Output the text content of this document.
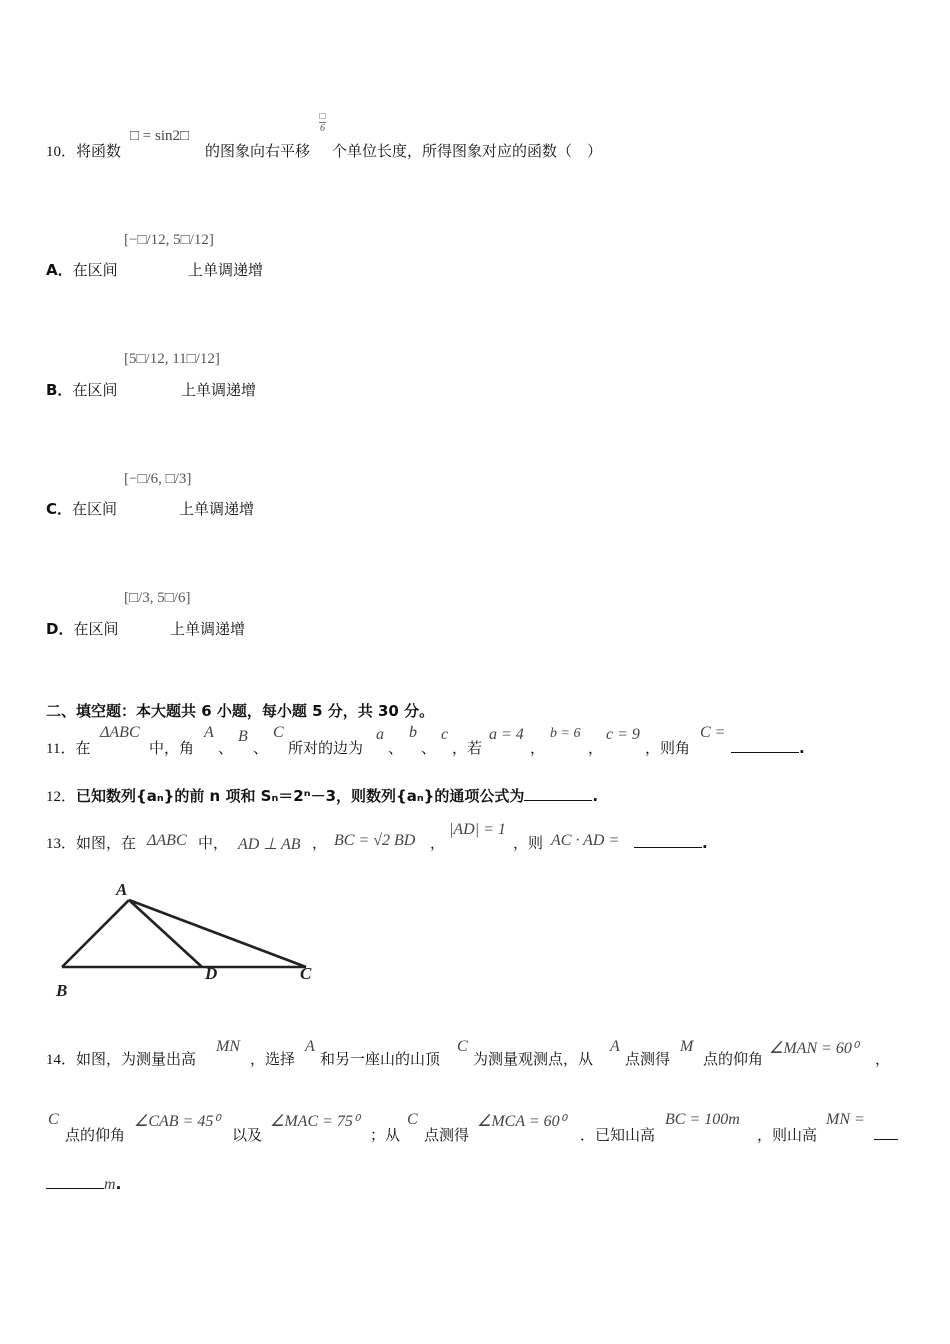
10．将函数
□ = sin2□
的图象向右平移
□
6
个单位长度，所得图象对应的函数（　）
[−□/12, 5□/12]
A．在区间	上单调递增
[5□/12, 11□/12]
B．在区间	上单调递增
[−□/6, □/3]
C．在区间	上单调递增
[□/3, 5□/6]
D．在区间	上单调递增
二、填空题：本大题共 6 小题，每小题 5 分，共 30 分。
11．在
ΔABC
中，角
A
、
B
、
C
所对的边为
a
、
b
、
c
，若
a = 4
，
b = 6
，
c = 9
，则角
C =
.
12．已知数列{aₙ}的前 n 项和 Sₙ＝2ⁿ－3，则数列{aₙ}的通项公式为	.
13．如图，在 ΔABC 中， AD ⊥ AB ， BC = √2 BD ，
|AD| = 1
，则 AC · AD =	.
A
B
D	C
14．如图，为测量出高
MN
，选择
A
和另一座山的山顶
C
为测量观测点，从
A
点测得
M
点的仰角
∠MAN = 60⁰
，
C
点的仰角
∠CAB = 45⁰
以及
∠MAC = 75⁰
；从
C
点测得
∠MCA = 60⁰
．已知山高
BC = 100m
，则山高
MN =
m.
